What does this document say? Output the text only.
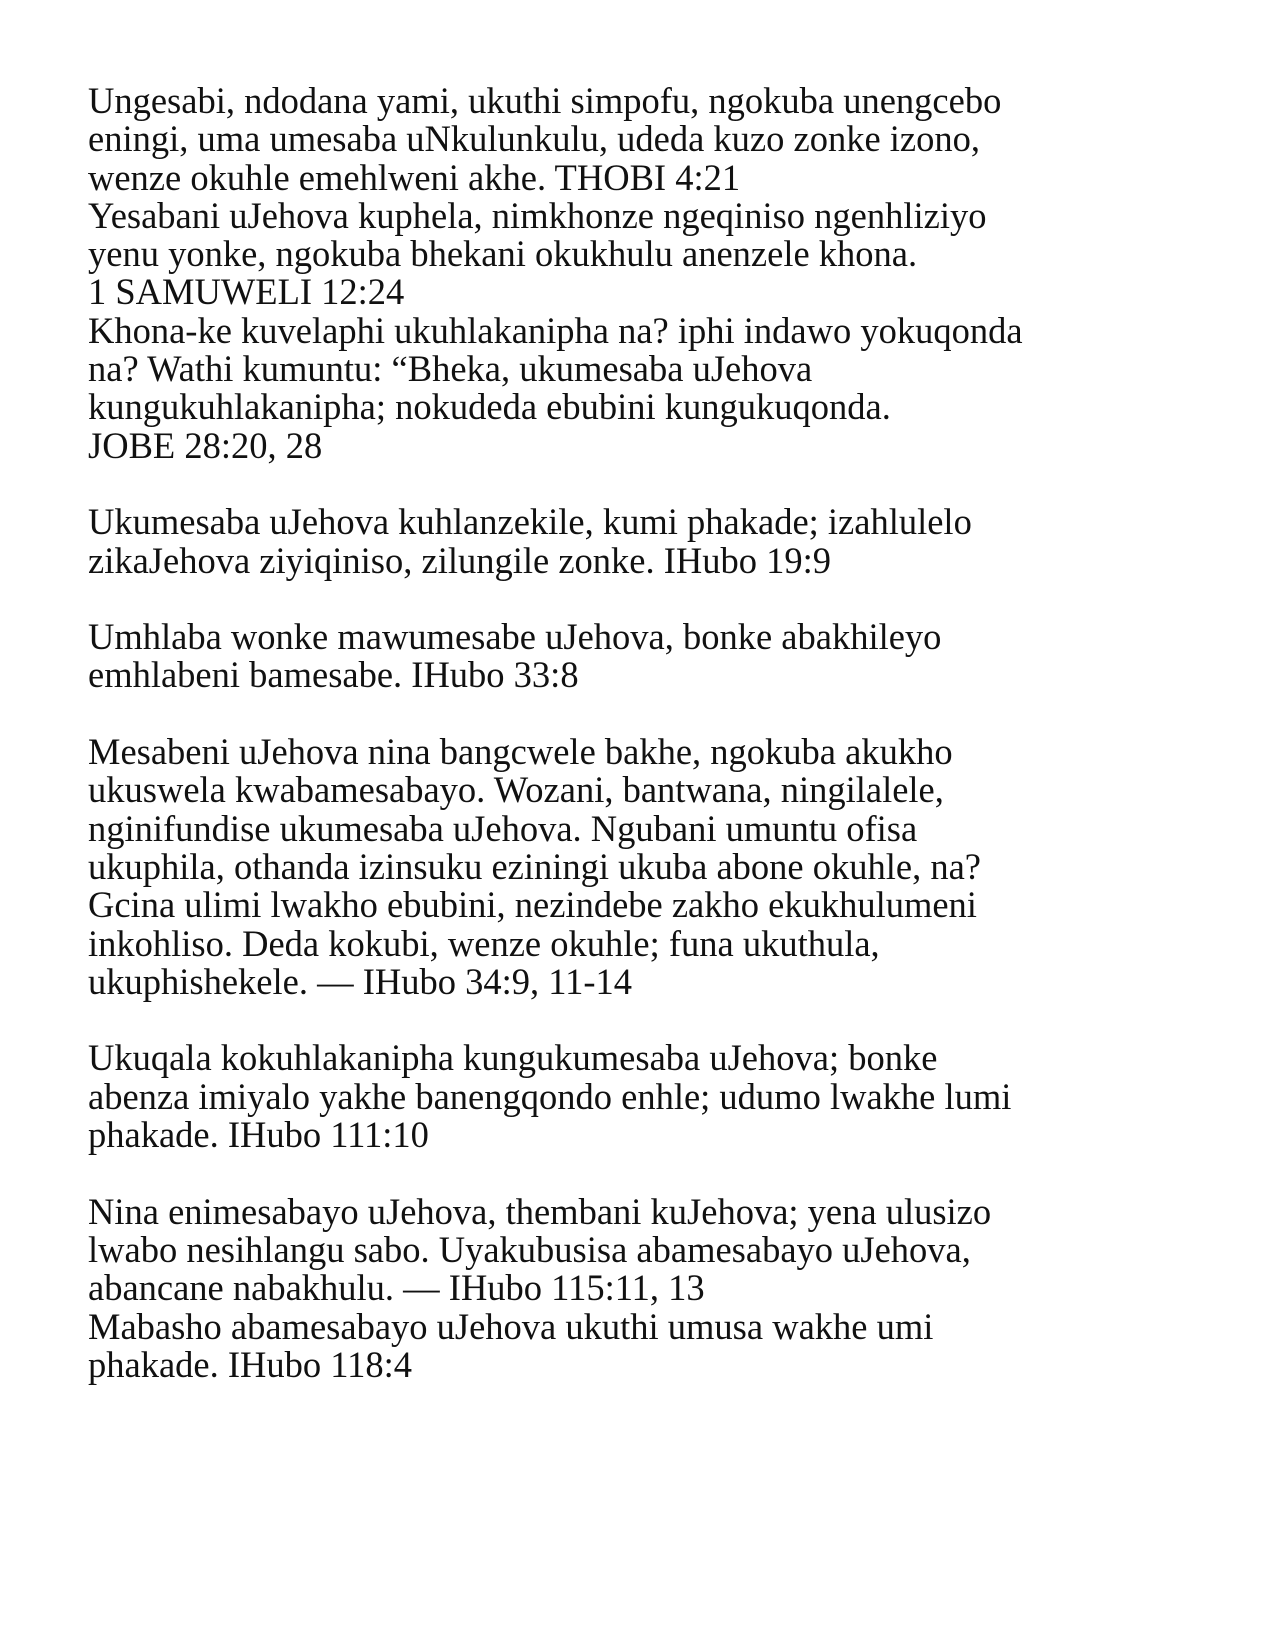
Ungesabi, ndodana yami, ukuthi simpofu, ngokuba unengcebo
eningi, uma umesaba uNkulunkulu, udeda kuzo zonke izono,
wenze okuhle emehlweni akhe. THOBI 4:21
Yesabani uJehova kuphela, nimkhonze ngeqiniso ngenhliziyo
yenu yonke, ngokuba bhekani okukhulu anenzele khona.
1 SAMUWELI 12:24
Khona-ke kuvelaphi ukuhlakanipha na? iphi indawo yokuqonda
na? Wathi kumuntu: “Bheka, ukumesaba uJehova
kungukuhlakanipha; nokudeda ebubini kungukuqonda.
JOBE 28:20, 28
Ukumesaba uJehova kuhlanzekile, kumi phakade; izahlulelo
zikaJehova ziyiqiniso, zilungile zonke. IHubo 19:9
Umhlaba wonke mawumesabe uJehova, bonke abakhileyo
emhlabeni bamesabe. IHubo 33:8
Mesabeni uJehova nina bangcwele bakhe, ngokuba akukho
ukuswela kwabamesabayo. Wozani, bantwana, ningilalele,
nginifundise ukumesaba uJehova. Ngubani umuntu ofisa
ukuphila, othanda izinsuku eziningi ukuba abone okuhle, na?
Gcina ulimi lwakho ebubini, nezindebe zakho ekukhulumeni
inkohliso. Deda kokubi, wenze okuhle; funa ukuthula,
ukuphishekele. — IHubo 34:9, 11-14
Ukuqala kokuhlakanipha kungukumesaba uJehova; bonke
abenza imiyalo yakhe banengqondo enhle; udumo lwakhe lumi
phakade. IHubo 111:10
Nina enimesabayo uJehova, thembani kuJehova; yena ulusizo
lwabo nesihlangu sabo. Uyakubusisa abamesabayo uJehova,
abancane nabakhulu. — IHubo 115:11, 13
Mabasho abamesabayo uJehova ukuthi umusa wakhe umi
phakade. IHubo 118:4
